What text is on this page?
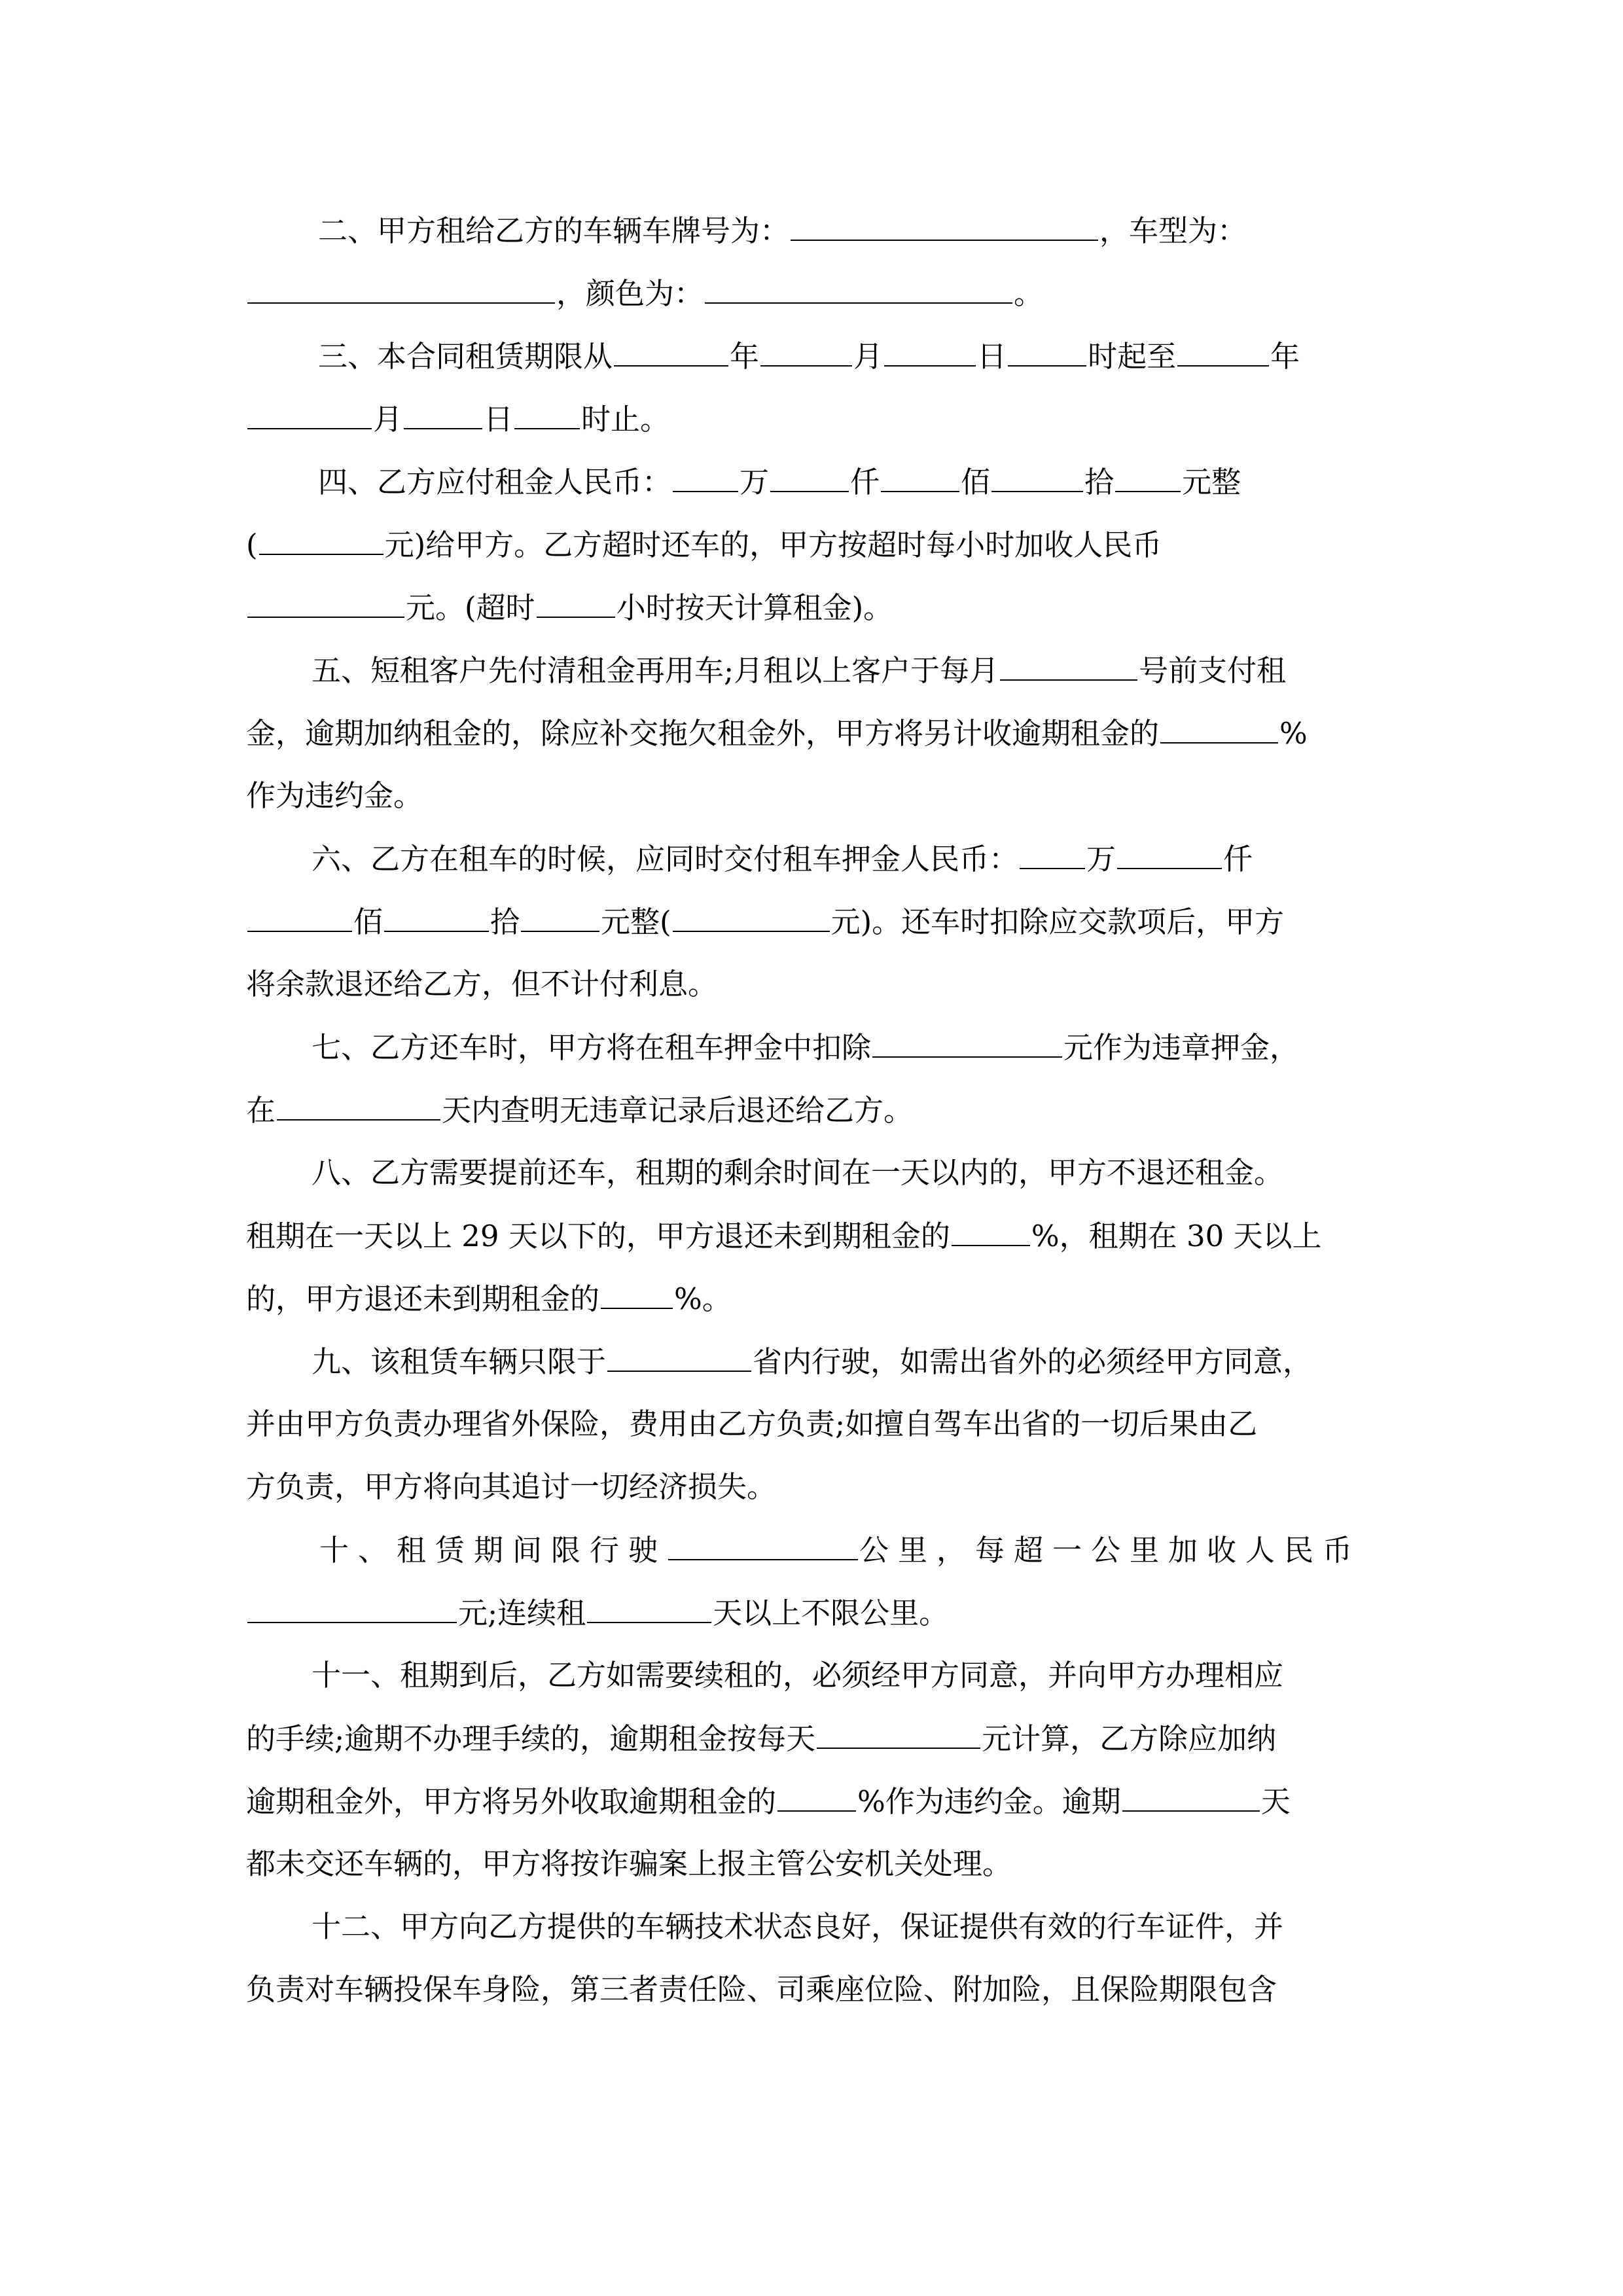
二、甲方租给乙方的车辆车牌号为：	，车型为：
，颜色为：	。
三、本合同租赁期限从	年	月	日	时起至	年
月	日 时止。
四、乙方应付租金人民币： 万	仟	佰	拾 元整
(	元)给甲方。乙方超时还车的，甲方按超时每小时加收人民币
元。(超时	小时按天计算租金)。
五、短租客户先付清租金再用车;月租以上客户于每月	号前支付租
金，逾期加纳租金的，除应补交拖欠租金外，甲方将另计收逾期租金的	%
作为违约金。
六、乙方在租车的时候，应同时交付租车押金人民币： 万	仟
佰	拾	元整(	元)。还车时扣除应交款项后，甲方
将余款退还给乙方，但不计付利息。
七、乙方还车时，甲方将在租车押金中扣除	元作为违章押金，
在	天内查明无违章记录后退还给乙方。
八、乙方需要提前还车，租期的剩余时间在一天以内的，甲方不退还租金。
租期在一天以上 29 天以下的，甲方退还未到期租金的	%，租期在 30 天以上
的，甲方退还未到期租金的	%。
九、该租赁车辆只限于	省内行驶，如需出省外的必须经甲方同意，
并由甲方负责办理省外保险，费用由乙方负责;如擅自驾车出省的一切后果由乙
方负责，甲方将向其追讨一切经济损失。
十、租赁期间限行驶	公里，每超一公里加收人民币
元;连续租	天以上不限公里。
十一、租期到后，乙方如需要续租的，必须经甲方同意，并向甲方办理相应
的手续;逾期不办理手续的，逾期租金按每天	元计算，乙方除应加纳
逾期租金外，甲方将另外收取逾期租金的	%作为违约金。逾期	天
都未交还车辆的，甲方将按诈骗案上报主管公安机关处理。
十二、甲方向乙方提供的车辆技术状态良好，保证提供有效的行车证件，并
负责对车辆投保车身险，第三者责任险、司乘座位险、附加险，且保险期限包含
